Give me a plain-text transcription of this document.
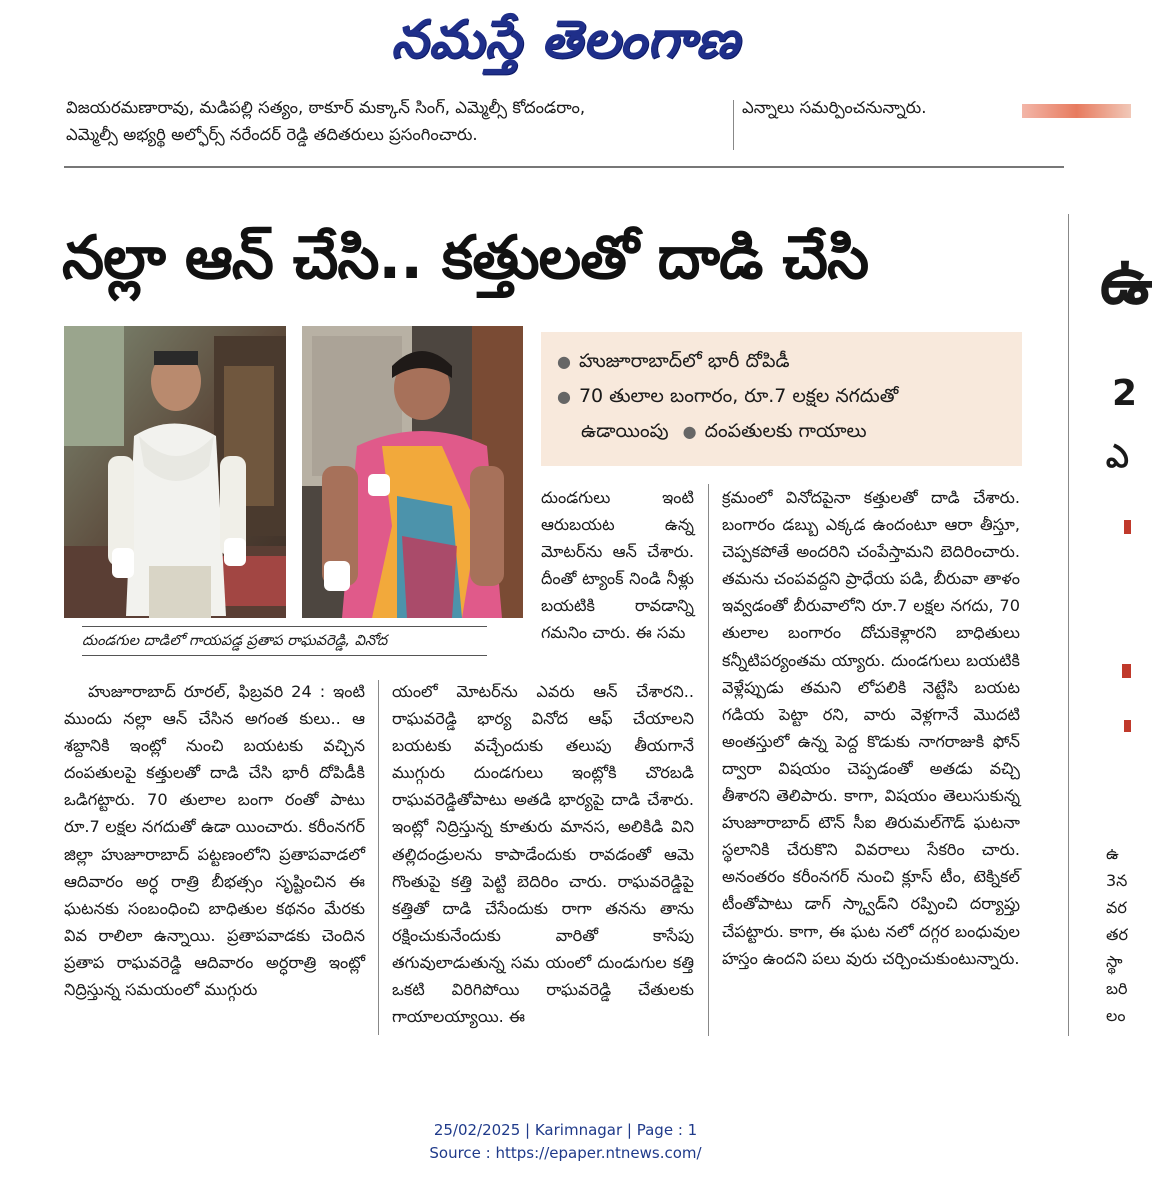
నమస్తే తెలంగాణ
విజయరమణారావు, మడిపల్లి సత్యం, ఠాకూర్ మక్కాన్ సింగ్, ఎమ్మెల్సీ కోదండరాం,
ఎమ్మెల్సీ అభ్యర్థి అల్ఫోర్స్ నరేందర్ రెడ్డి తదితరులు ప్రసంగించారు.
ఎన్నాలు సమర్పించనున్నారు.
నల్లా ఆన్ చేసి.. కత్తులతో దాడి చేసి
దుండగుల దాడిలో గాయపడ్డ ప్రతాప రాఘవరెడ్డి, వినోద
● హుజూరాబాద్‌లో భారీ దోపిడీ
● 70 తులాల బంగారం, రూ.7 లక్షల నగదుతో
ఉడాయింపు ● దంపతులకు గాయాలు

హుజూరాబాద్ రూరల్, ఫిబ్రవరి 24 : ఇంటి ముందు నల్లా ఆన్ చేసిన అగంత కులు.. ఆ శబ్దానికి ఇంట్లో నుంచి బయటకు వచ్చిన దంపతులపై కత్తులతో దాడి చేసి భారీ దోపిడీకి ఒడిగట్టారు. 70 తులాల బంగా రంతో పాటు రూ.7 లక్షల నగదుతో ఉడా యించారు. కరీంనగర్ జిల్లా హుజూరాబాద్ పట్టణంలోని ప్రతాపవాడలో ఆదివారం అర్ధ రాత్రి బీభత్సం సృష్టించిన ఈ ఘటనకు సంబంధించి బాధితుల కథనం మేరకు వివ రాలిలా ఉన్నాయి. ప్రతాపవాడకు చెందిన ప్రతాప రాఘవరెడ్డి ఆదివారం అర్ధరాత్రి ఇంట్లో నిద్రిస్తున్న సమయంలో ముగ్గురు

దుండగులు ఇంటి ఆరుబయట ఉన్న మోటర్‌ను ఆన్ చేశారు. దీంతో ట్యాంక్ నిండి నీళ్లు బయటికి రావడాన్ని గమనిం చారు. ఈ సమ

యంలో మోటర్‌ను ఎవరు ఆన్ చేశారని.. రాఘవరెడ్డి భార్య వినోద ఆఫ్ చేయాలని బయటకు వచ్చేందుకు తలుపు తీయగానే ముగ్గురు దుండగులు ఇంట్లోకి చొరబడి రాఘవరెడ్డితోపాటు అతడి భార్యపై దాడి చేశారు. ఇంట్లో నిద్రిస్తున్న కూతురు మానస, అలికిడి విని తల్లిదండ్రులను కాపాడేందుకు రావడంతో ఆమె గొంతుపై కత్తి పెట్టి బెదిరిం చారు. రాఘవరెడ్డిపై కత్తితో దాడి చేసేందుకు రాగా తనను తాను రక్షించుకునేందుకు వారితో కాసేపు తగువులాడుతున్న సమ యంలో దుండుగుల కత్తి ఒకటి విరిగిపోయి రాఘవరెడ్డి చేతులకు గాయాలయ్యాయి. ఈ

క్రమంలో వినోదపైనా కత్తులతో దాడి చేశారు. బంగారం డబ్బు ఎక్కడ ఉందంటూ ఆరా తీస్తూ, చెప్పకపోతే అందరిని చంపేస్తామని బెదిరించారు. తమను చంపవద్దని ప్రాధేయ పడి, బీరువా తాళం ఇవ్వడంతో బీరువాలోని రూ.7 లక్షల నగదు, 70 తులాల బంగారం దోచుకెళ్లారని బాధితులు కన్నీటిపర్యంతమ య్యారు. దుండగులు బయటికి వెళ్లేప్పుడు తమని లోపలికి నెట్టేసి బయట గడియ పెట్టా రని, వారు వెళ్లగానే మొదటి అంతస్తులో ఉన్న పెద్ద కొడుకు నాగరాజుకి ఫోన్ ద్వారా విషయం చెప్పడంతో అతడు వచ్చి తీశారని తెలిపారు. కాగా, విషయం తెలుసుకున్న హుజూరాబాద్ టౌన్ సీఐ తిరుమల్‌గౌడ్ ఘటనా స్థలానికి చేరుకొని వివరాలు సేకరిం చారు. అనంతరం కరీంనగర్ నుంచి క్లూస్ టీం, టెక్నికల్ టీంతోపాటు డాగ్ స్క్వాడ్‌ని రప్పించి దర్యాప్తు చేపట్టారు. కాగా, ఈ ఘట నలో దగ్గర బంధువుల హస్తం ఉందని పలు వురు చర్చించుకుంటున్నారు.

ఉ
2
ఎ
ఉ
3న
వర
తర
స్థా
బరి
లం
25/02/2025 | Karimnagar | Page : 1
Source : https://epaper.ntnews.com/
